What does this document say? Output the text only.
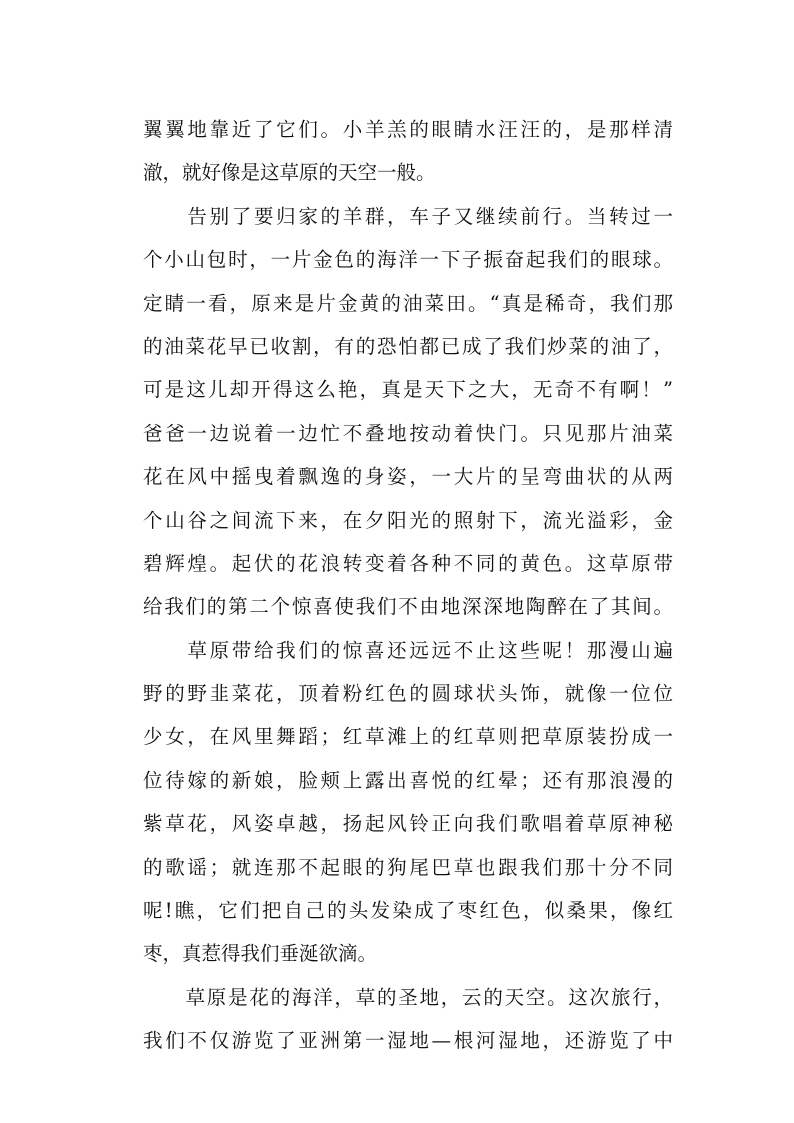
翼翼地靠近了它们。小羊羔的眼睛水汪汪的，是那样清
澈，就好像是这草原的天空一般。
　　告别了要归家的羊群，车子又继续前行。当转过一
个小山包时，一片金色的海洋一下子振奋起我们的眼球。
定睛一看，原来是片金黄的油菜田。“真是稀奇，我们那
的油菜花早已收割，有的恐怕都已成了我们炒菜的油了，
可是这儿却开得这么艳，真是天下之大，无奇不有啊！”
爸爸一边说着一边忙不叠地按动着快门。只见那片油菜
花在风中摇曳着飘逸的身姿，一大片的呈弯曲状的从两
个山谷之间流下来，在夕阳光的照射下，流光溢彩，金
碧辉煌。起伏的花浪转变着各种不同的黄色。这草原带
给我们的第二个惊喜使我们不由地深深地陶醉在了其间。
　　草原带给我们的惊喜还远远不止这些呢！那漫山遍
野的野韭菜花，顶着粉红色的圆球状头饰，就像一位位
少女，在风里舞蹈；红草滩上的红草则把草原装扮成一
位待嫁的新娘，脸颊上露出喜悦的红晕；还有那浪漫的
紫草花，风姿卓越，扬起风铃正向我们歌唱着草原神秘
的歌谣；就连那不起眼的狗尾巴草也跟我们那十分不同
呢!瞧，它们把自己的头发染成了枣红色，似桑果，像红
枣，真惹得我们垂涎欲滴。
　　草原是花的海洋，草的圣地，云的天空。这次旅行，
我们不仅游览了亚洲第一湿地—根河湿地，还游览了中
